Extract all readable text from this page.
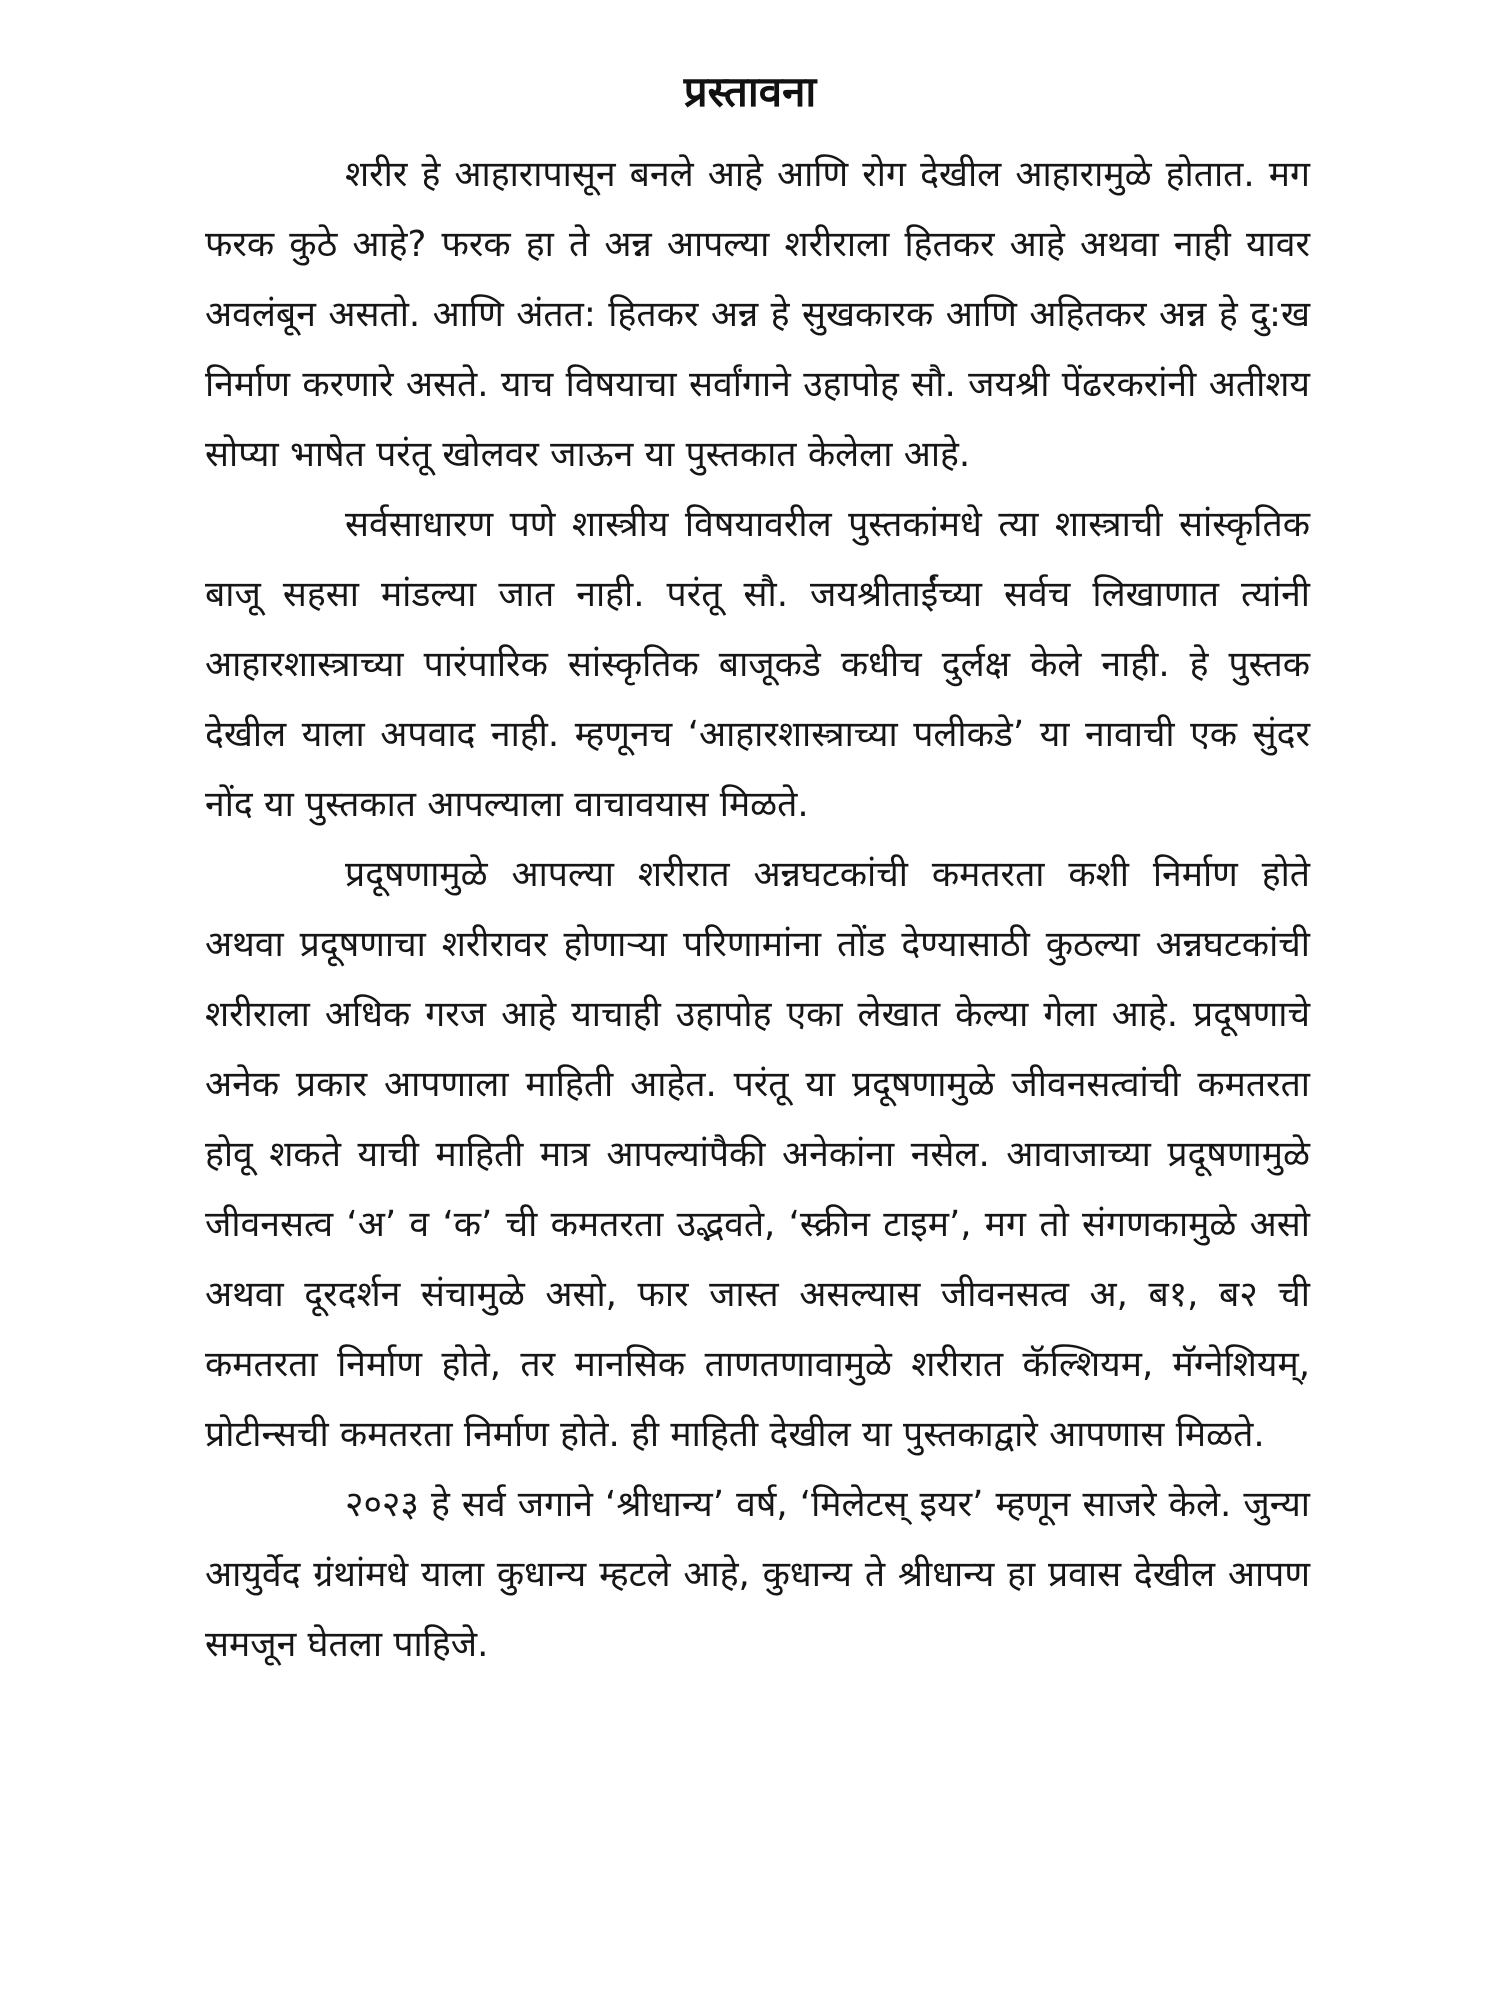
प्रस्तावना

शरीर हे आहारापासून बनले आहे आणि रोग देखील आहारामुळे होतात. मग फरक कुठे आहे? फरक हा ते अन्न आपल्या शरीराला हितकर आहे अथवा नाही यावर अवलंबून असतो. आणि अंतत: हितकर अन्न हे सुखकारक आणि अहितकर अन्न हे दु:ख निर्माण करणारे असते. याच विषयाचा सर्वांगाने उहापोह सौ. जयश्री पेंढरकरांनी अतीशय सोप्या भाषेत परंतू खोलवर जाऊन या पुस्तकात केलेला आहे.

सर्वसाधारण पणे शास्त्रीय विषयावरील पुस्तकांमधे त्या शास्त्राची सांस्कृतिक बाजू सहसा मांडल्या जात नाही. परंतू सौ. जयश्रीताईंच्या सर्वच लिखाणात त्यांनी आहारशास्त्राच्या पारंपारिक सांस्कृतिक बाजूकडे कधीच दुर्लक्ष केले नाही. हे पुस्तक देखील याला अपवाद नाही. म्हणूनच ‘आहारशास्त्राच्या पलीकडे’ या नावाची एक सुंदर नोंद या पुस्तकात आपल्याला वाचावयास मिळते.

प्रदूषणामुळे आपल्या शरीरात अन्नघटकांची कमतरता कशी निर्माण होते अथवा प्रदूषणाचा शरीरावर होणाऱ्या परिणामांना तोंड देण्यासाठी कुठल्या अन्नघटकांची शरीराला अधिक गरज आहे याचाही उहापोह एका लेखात केल्या गेला आहे. प्रदूषणाचे अनेक प्रकार आपणाला माहिती आहेत. परंतू या प्रदूषणामुळे जीवनसत्वांची कमतरता होवू शकते याची माहिती मात्र आपल्यांपैकी अनेकांना नसेल. आवाजाच्या प्रदूषणामुळे जीवनसत्व ‘अ’ व ‘क’ ची कमतरता उद्भवते, ‘स्क्रीन टाइम’, मग तो संगणकामुळे असो अथवा दूरदर्शन संचामुळे असो, फार जास्त असल्यास जीवनसत्व अ, ब१, ब२ ची कमतरता निर्माण होते, तर मानसिक ताणतणावामुळे शरीरात कॅल्शियम, मॅग्नेशियम्, प्रोटीन्सची कमतरता निर्माण होते. ही माहिती देखील या पुस्तकाद्वारे आपणास मिळते.

२०२३ हे सर्व जगाने ‘श्रीधान्य’ वर्ष, ‘मिलेटस् इयर’ म्हणून साजरे केले. जुन्या आयुर्वेद ग्रंथांमधे याला कुधान्य म्हटले आहे, कुधान्य ते श्रीधान्य हा प्रवास देखील आपण समजून घेतला पाहिजे.
